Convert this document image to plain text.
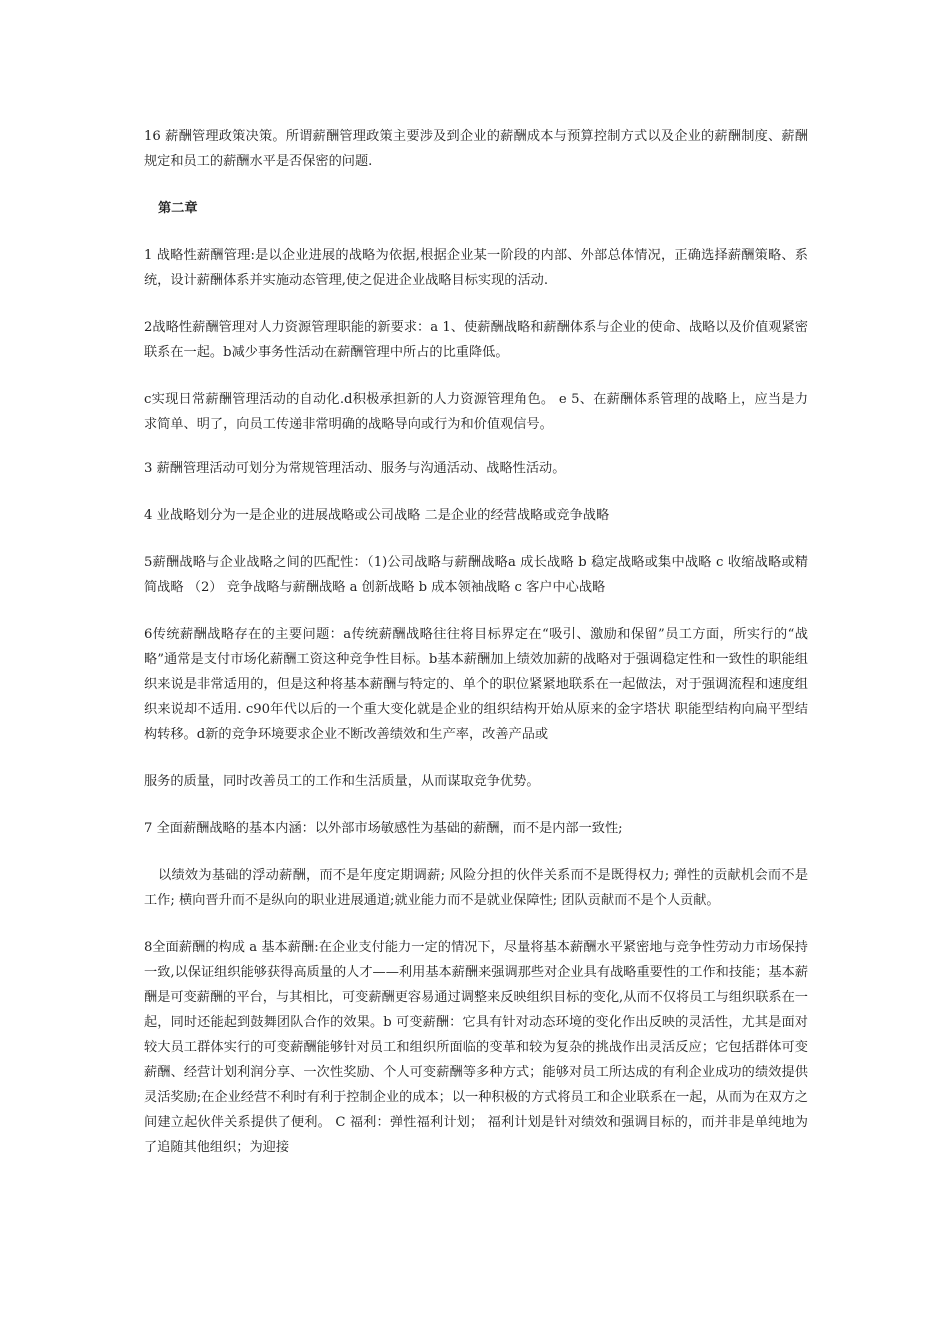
16 薪酬管理政策决策。所谓薪酬管理政策主要涉及到企业的薪酬成本与预算控制方式以及企业的薪酬制度、薪酬规定和员工的薪酬水平是否保密的问题.

第二章

1 战略性薪酬管理:是以企业进展的战略为依据,根据企业某一阶段的内部、外部总体情况，正确选择薪酬策略、系统，设计薪酬体系并实施动态管理,使之促进企业战略目标实现的活动.

2战略性薪酬管理对人力资源管理职能的新要求：a 1、使薪酬战略和薪酬体系与企业的使命、战略以及价值观紧密联系在一起。b减少事务性活动在薪酬管理中所占的比重降低。

c实现日常薪酬管理活动的自动化.d积极承担新的人力资源管理角色。 e 5、在薪酬体系管理的战略上，应当是力求简单、明了，向员工传递非常明确的战略导向或行为和价值观信号。

3 薪酬管理活动可划分为常规管理活动、服务与沟通活动、战略性活动。

4 业战略划分为一是企业的进展战略或公司战略 二是企业的经营战略或竞争战略

5薪酬战略与企业战略之间的匹配性：（1)公司战略与薪酬战略a 成长战略 b 稳定战略或集中战略 c 收缩战略或精简战略 （2） 竞争战略与薪酬战略 a 创新战略 b 成本领袖战略 c 客户中心战略

6传统薪酬战略存在的主要问题：a传统薪酬战略往往将目标界定在“吸引、激励和保留”员工方面，所实行的“战略”通常是支付市场化薪酬工资这种竞争性目标。b基本薪酬加上绩效加薪的战略对于强调稳定性和一致性的职能组织来说是非常适用的，但是这种将基本薪酬与特定的、单个的职位紧紧地联系在一起做法，对于强调流程和速度组织来说却不适用. c90年代以后的一个重大变化就是企业的组织结构开始从原来的金字塔状 职能型结构向扁平型结构转移。d新的竞争环境要求企业不断改善绩效和生产率，改善产品或

服务的质量，同时改善员工的工作和生活质量，从而谋取竞争优势。

7 全面薪酬战略的基本内涵：以外部市场敏感性为基础的薪酬，而不是内部一致性;

以绩效为基础的浮动薪酬，而不是年度定期调薪; 风险分担的伙伴关系而不是既得权力; 弹性的贡献机会而不是工作; 横向晋升而不是纵向的职业进展通道;就业能力而不是就业保障性; 团队贡献而不是个人贡献。

8全面薪酬的构成 a 基本薪酬:在企业支付能力一定的情况下，尽量将基本薪酬水平紧密地与竞争性劳动力市场保持一致,以保证组织能够获得高质量的人才——利用基本薪酬来强调那些对企业具有战略重要性的工作和技能；基本薪酬是可变薪酬的平台，与其相比，可变薪酬更容易通过调整来反映组织目标的变化,从而不仅将员工与组织联系在一起，同时还能起到鼓舞团队合作的效果。b 可变薪酬：它具有针对动态环境的变化作出反映的灵活性，尤其是面对较大员工群体实行的可变薪酬能够针对员工和组织所面临的变革和较为复杂的挑战作出灵活反应；它包括群体可变薪酬、经营计划利润分享、一次性奖励、个人可变薪酬等多种方式；能够对员工所达成的有利企业成功的绩效提供灵活奖励;在企业经营不利时有利于控制企业的成本；以一种积极的方式将员工和企业联系在一起，从而为在双方之间建立起伙伴关系提供了便利。 C 福利：弹性福利计划； 福利计划是针对绩效和强调目标的，而并非是单纯地为了追随其他组织；为迎接
